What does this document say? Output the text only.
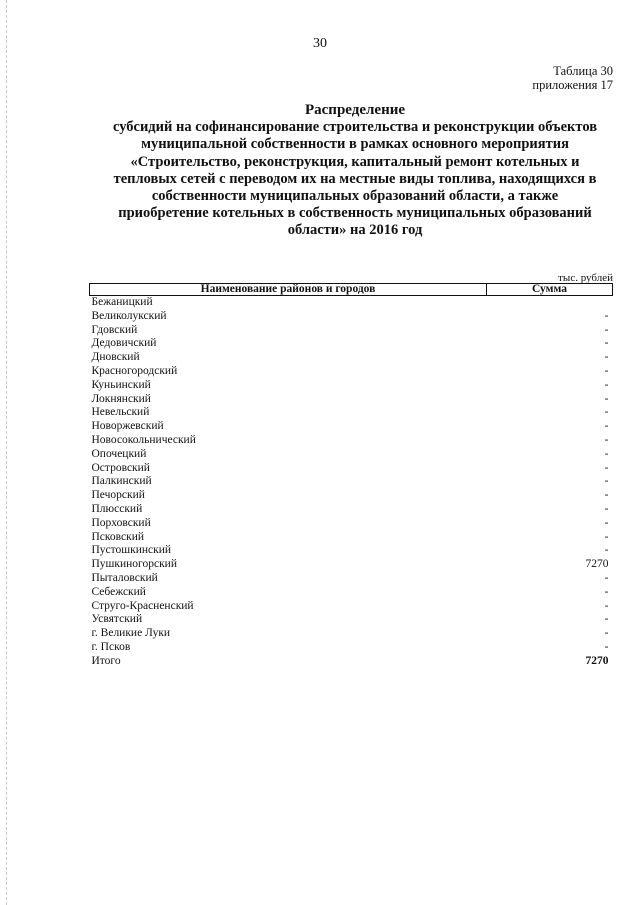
30
Таблица 30
приложения 17
Распределение
субсидий на софинансирование строительства и реконструкции объектов
муниципальной собственности в рамках основного мероприятия
«Строительство, реконструкция, капитальный ремонт котельных и
тепловых сетей с переводом их на местные виды топлива, находящихся в
собственности муниципальных образований области, а также
приобретение котельных в собственность муниципальных образований
области» на 2016 год
тыс. рублей
Наименование районов и городов	Сумма
Бежаницкий	
Великолукский	-
Гдовский	-
Дедовичский	-
Дновский	-
Красногородский	-
Куньинский	-
Локнянский	-
Невельский	-
Новоржевский	-
Новосокольнический	-
Опочецкий	-
Островский	-
Палкинский	-
Печорский	-
Плюсский	-
Порховский	-
Псковский	-
Пустошкинский	-
Пушкиногорский	7270
Пыталовский	-
Себежский	-
Струго-Красненский	-
Усвятский	-
г. Великие Луки	-
г. Псков	-
Итого	7270
